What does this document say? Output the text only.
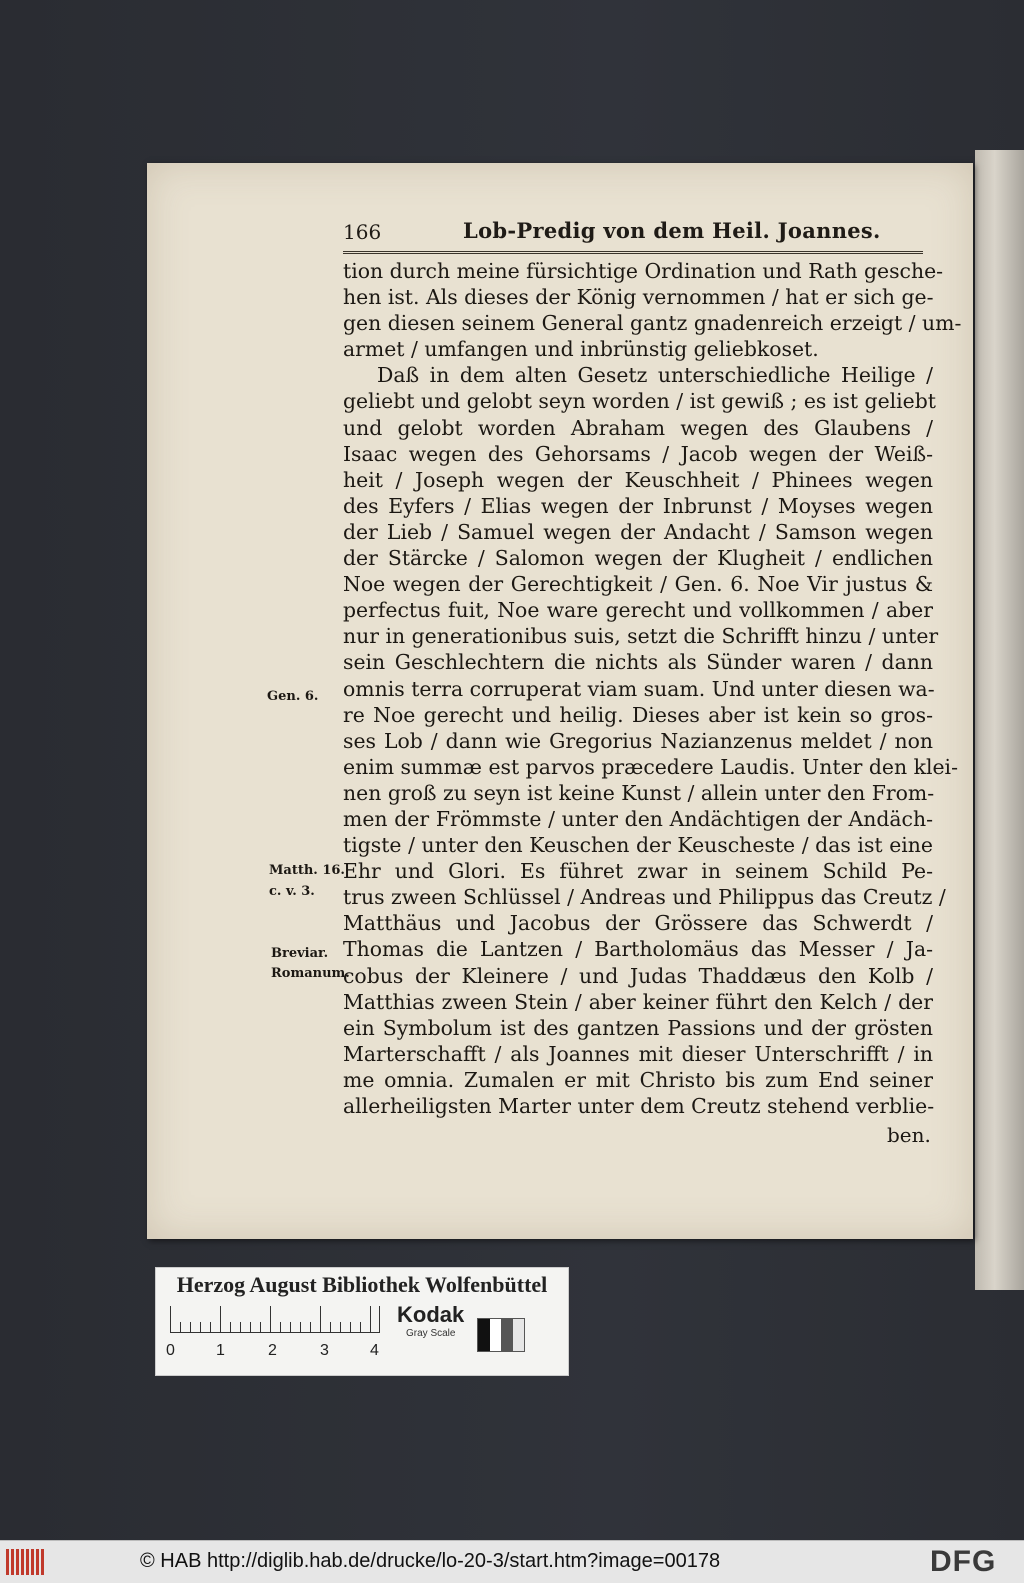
166	Lob-Predig von dem Heil. Joannes.
tion durch meine fürsichtige Ordination und Rath gesche-
hen ist. Als dieses der König vernommen / hat er sich ge-
gen diesen seinem General gantz gnadenreich erzeigt / um-
armet / umfangen und inbrünstig geliebkoset.
Daß in dem alten Gesetz unterschiedliche Heilige /
geliebt und gelobt seyn worden / ist gewiß ; es ist geliebt
und gelobt worden Abraham wegen des Glaubens /
Isaac wegen des Gehorsams / Jacob wegen der Weiß-
heit / Joseph wegen der Keuschheit / Phinees wegen
des Eyfers / Elias wegen der Inbrunst / Moyses wegen
der Lieb / Samuel wegen der Andacht / Samson wegen
der Stärcke / Salomon wegen der Klugheit / endlichen
Noe wegen der Gerechtigkeit / Gen. 6. Noe Vir justus &
perfectus fuit, Noe ware gerecht und vollkommen / aber
nur in generationibus suis, setzt die Schrifft hinzu / unter
sein Geschlechtern die nichts als Sünder waren / dann
omnis terra corruperat viam suam. Und unter diesen wa-
re Noe gerecht und heilig. Dieses aber ist kein so gros-
ses Lob / dann wie Gregorius Nazianzenus meldet / non
enim summæ est parvos præcedere Laudis. Unter den klei-
nen groß zu seyn ist keine Kunst / allein unter den From-
men der Frömmste / unter den Andächtigen der Andäch-
tigste / unter den Keuschen der Keuscheste / das ist eine
Ehr und Glori. Es führet zwar in seinem Schild Pe-
trus zween Schlüssel / Andreas und Philippus das Creutz /
Matthäus und Jacobus der Grössere das Schwerdt /
Thomas die Lantzen / Bartholomäus das Messer / Ja-
cobus der Kleinere / und Judas Thaddæus den Kolb /
Matthias zween Stein / aber keiner führt den Kelch / der
ein Symbolum ist des gantzen Passions und der grösten
Marterschafft / als Joannes mit dieser Unterschrifft / in
me omnia. Zumalen er mit Christo bis zum End seiner
allerheiligsten Marter unter dem Creutz stehend verblie-
Gen. 6.
Matth. 16.
c. v. 3.
Breviar.
Romanum.
ben.
Herzog August Bibliothek Wolfenbüttel
0	1	2	3	4
Kodak
Gray Scale
© HAB http://diglib.hab.de/drucke/lo-20-3/start.htm?image=00178	DFG
